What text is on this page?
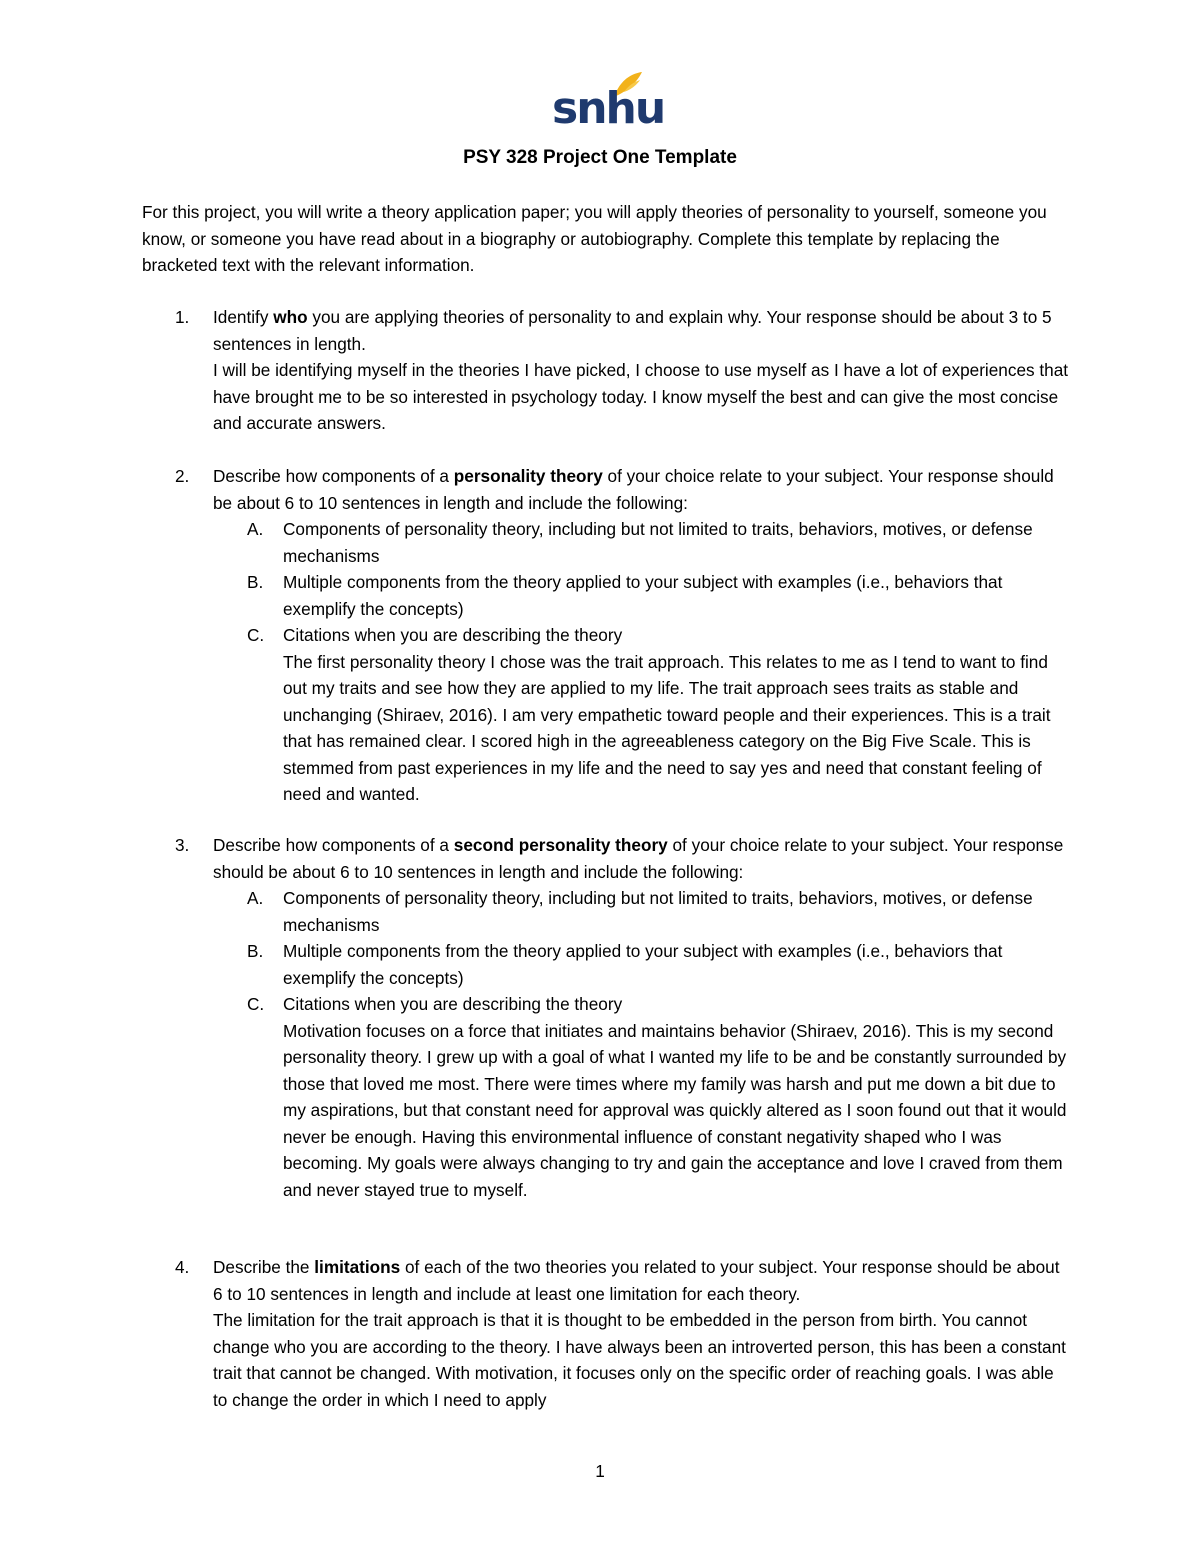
snhu
PSY 328 Project One Template
For this project, you will write a theory application paper; you will apply theories of personality to yourself, someone you know, or someone you have read about in a biography or autobiography. Complete this template by replacing the bracketed text with the relevant information.
1. Identify who you are applying theories of personality to and explain why. Your response should be about 3 to 5 sentences in length.
I will be identifying myself in the theories I have picked, I choose to use myself as I have a lot of experiences that have brought me to be so interested in psychology today. I know myself the best and can give the most concise and accurate answers.
2. Describe how components of a personality theory of your choice relate to your subject. Your response should be about 6 to 10 sentences in length and include the following:
A. Components of personality theory, including but not limited to traits, behaviors, motives, or defense mechanisms
B. Multiple components from the theory applied to your subject with examples (i.e., behaviors that exemplify the concepts)
C. Citations when you are describing the theory
The first personality theory I chose was the trait approach. This relates to me as I tend to want to find out my traits and see how they are applied to my life. The trait approach sees traits as stable and unchanging (Shiraev, 2016). I am very empathetic toward people and their experiences. This is a trait that has remained clear. I scored high in the agreeableness category on the Big Five Scale. This is stemmed from past experiences in my life and the need to say yes and need that constant feeling of need and wanted.
3. Describe how components of a second personality theory of your choice relate to your subject. Your response should be about 6 to 10 sentences in length and include the following:
A. Components of personality theory, including but not limited to traits, behaviors, motives, or defense mechanisms
B. Multiple components from the theory applied to your subject with examples (i.e., behaviors that exemplify the concepts)
C. Citations when you are describing the theory
Motivation focuses on a force that initiates and maintains behavior (Shiraev, 2016). This is my second personality theory. I grew up with a goal of what I wanted my life to be and be constantly surrounded by those that loved me most. There were times where my family was harsh and put me down a bit due to my aspirations, but that constant need for approval was quickly altered as I soon found out that it would never be enough. Having this environmental influence of constant negativity shaped who I was becoming. My goals were always changing to try and gain the acceptance and love I craved from them and never stayed true to myself.
4. Describe the limitations of each of the two theories you related to your subject. Your response should be about 6 to 10 sentences in length and include at least one limitation for each theory.
The limitation for the trait approach is that it is thought to be embedded in the person from birth. You cannot change who you are according to the theory. I have always been an introverted person, this has been a constant trait that cannot be changed. With motivation, it focuses only on the specific order of reaching goals. I was able to change the order in which I need to apply
1
